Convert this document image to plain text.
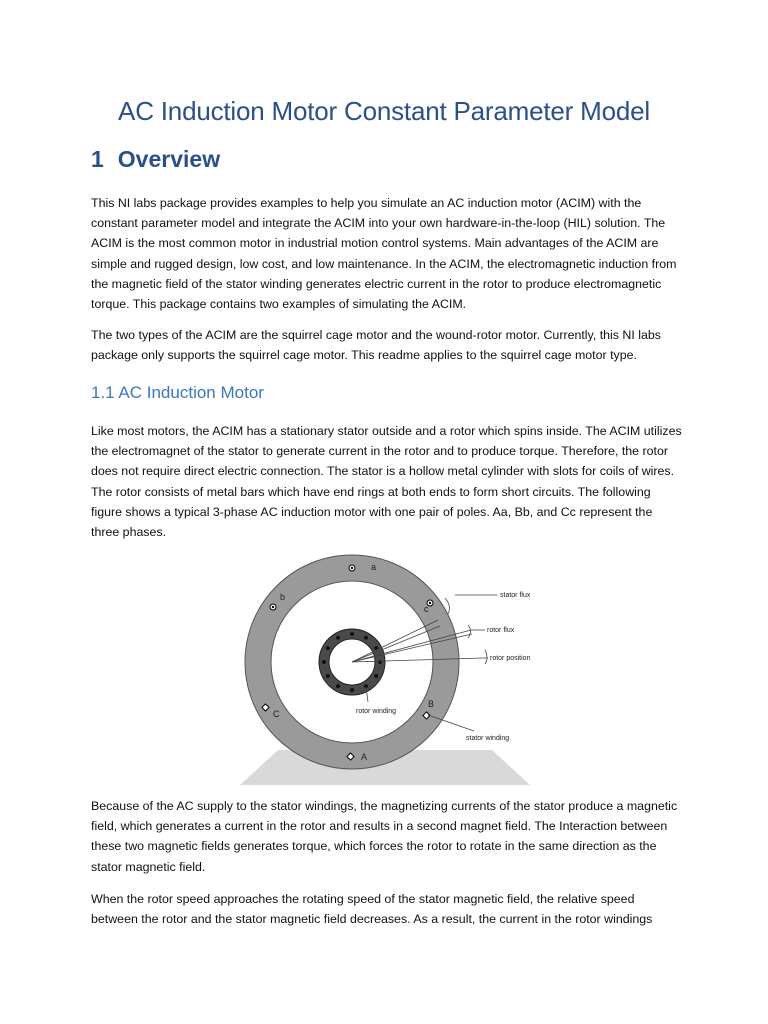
AC Induction Motor Constant Parameter Model
1 Overview

This NI labs package provides examples to help you simulate an AC induction motor (ACIM) with the constant parameter model and integrate the ACIM into your own hardware-in-the-loop (HIL) solution. The ACIM is the most common motor in industrial motion control systems. Main advantages of the ACIM are simple and rugged design, low cost, and low maintenance. In the ACIM, the electromagnetic induction from the magnetic field of the stator winding generates electric current in the rotor to produce electromagnetic torque. This package contains two examples of simulating the ACIM.

The two types of the ACIM are the squirrel cage motor and the wound-rotor motor. Currently, this NI labs package only supports the squirrel cage motor. This readme applies to the squirrel cage motor type.

1.1 AC Induction Motor

Like most motors, the ACIM has a stationary stator outside and a rotor which spins inside. The ACIM utilizes the electromagnet of the stator to generate current in the rotor and to produce torque. Therefore, the rotor does not require direct electric connection. The stator is a hollow metal cylinder with slots for coils of wires. The rotor consists of metal bars which have end rings at both ends to form short circuits. The following figure shows a typical 3-phase AC induction motor with one pair of poles. Aa, Bb, and Cc represent the three phases.

a
b
c
C
B
A
stator flux
rotor flux
rotor position
rotor winding
stator winding

Because of the AC supply to the stator windings, the magnetizing currents of the stator produce a magnetic field, which generates a current in the rotor and results in a second magnet field. The Interaction between these two magnetic fields generates torque, which forces the rotor to rotate in the same direction as the stator magnetic field.

When the rotor speed approaches the rotating speed of the stator magnetic field, the relative speed between the rotor and the stator magnetic field decreases. As a result, the current in the rotor windings
